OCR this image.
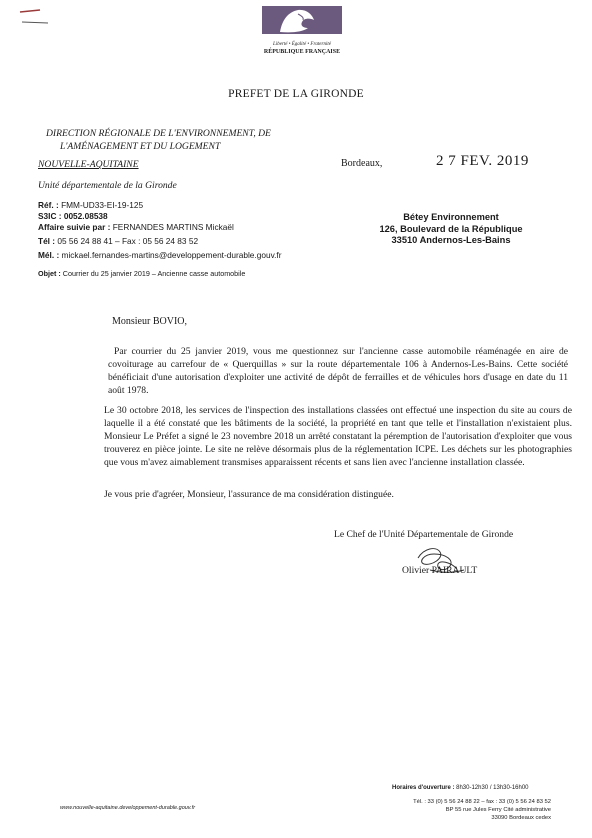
Liberté • Égalité • Fraternité
RÉPUBLIQUE FRANÇAISE
PREFET DE LA GIRONDE
DIRECTION RÉGIONALE DE L'ENVIRONNEMENT, DE
L'AMÉNAGEMENT ET DU LOGEMENT
NOUVELLE-AQUITAINE
Unité départementale de la Gironde
Bordeaux,	2 7 FEV. 2019
Réf. : FMM-UD33-EI-19-125
S3IC : 0052.08538
Affaire suivie par : FERNANDES MARTINS Mickaël
Tél : 05 56 24 88 41 – Fax : 05 56 24 83 52
Mél. : mickael.fernandes-martins@developpement-durable.gouv.fr
Objet : Courrier du 25 janvier 2019 – Ancienne casse automobile
Bétey Environnement
126, Boulevard de la République
33510 Andernos-Les-Bains
Monsieur BOVIO,

Par courrier du 25 janvier 2019, vous me questionnez sur l'ancienne casse automobile réaménagée en aire de covoiturage au carrefour de « Querquillas » sur la route départementale 106 à Andernos-Les-Bains. Cette société bénéficiait d'une autorisation d'exploiter une activité de dépôt de ferrailles et de véhicules hors d'usage en date du 11 août 1978.

Le 30 octobre 2018, les services de l'inspection des installations classées ont effectué une inspection du site au cours de laquelle il a été constaté que les bâtiments de la société, la propriété en tant que telle et l'installation n'existaient plus. Monsieur Le Préfet a signé le 23 novembre 2018 un arrêté constatant la péremption de l'autorisation d'exploiter que vous trouverez en pièce jointe. Le site ne relève désormais plus de la réglementation ICPE. Les déchets sur les photographies que vous m'avez aimablement transmises apparaissent récents et sans lien avec l'ancienne installation classée.

Je vous prie d'agréer, Monsieur, l'assurance de ma considération distinguée.
Le Chef de l'Unité Départementale de Gironde
Olivier PAIRAULT
Horaires d'ouverture : 8h30-12h30 / 13h30-16h00
www.nouvelle-aquitaine.developpement-durable.gouv.fr
Tél. : 33 (0) 5 56 24 88 22 – fax : 33 (0) 5 56 24 83 52
BP 55 rue Jules Ferry Cité administrative
33090 Bordeaux cedex
